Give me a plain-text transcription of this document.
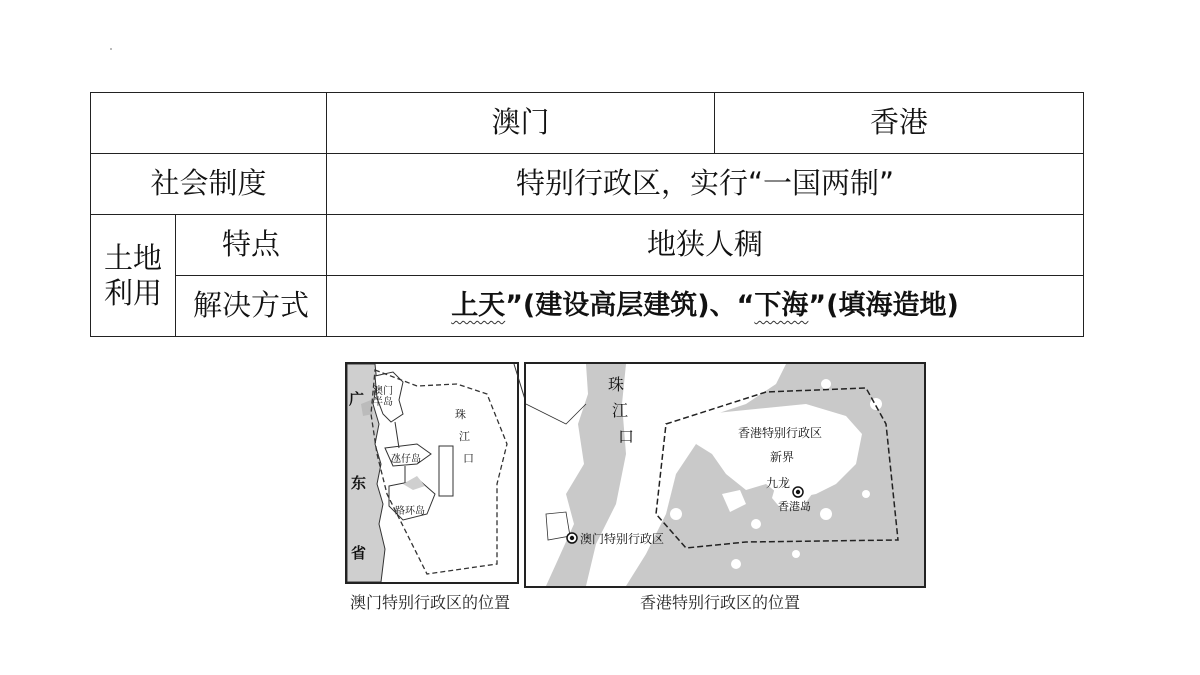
		澳门	香港
社会制度		特别行政区，实行“一国两制”	
土地利用	特点	地狭人稠	
	解决方式	上天”(建设高层建筑)、“下海”(填海造地)	
广
东
省
澳门半岛
氹仔岛
路环岛
珠
江
口
珠
江
口	香港特别行政区
新界
九龙
香港岛
澳门特别行政区
澳门特别行政区的位置	香港特别行政区的位置
